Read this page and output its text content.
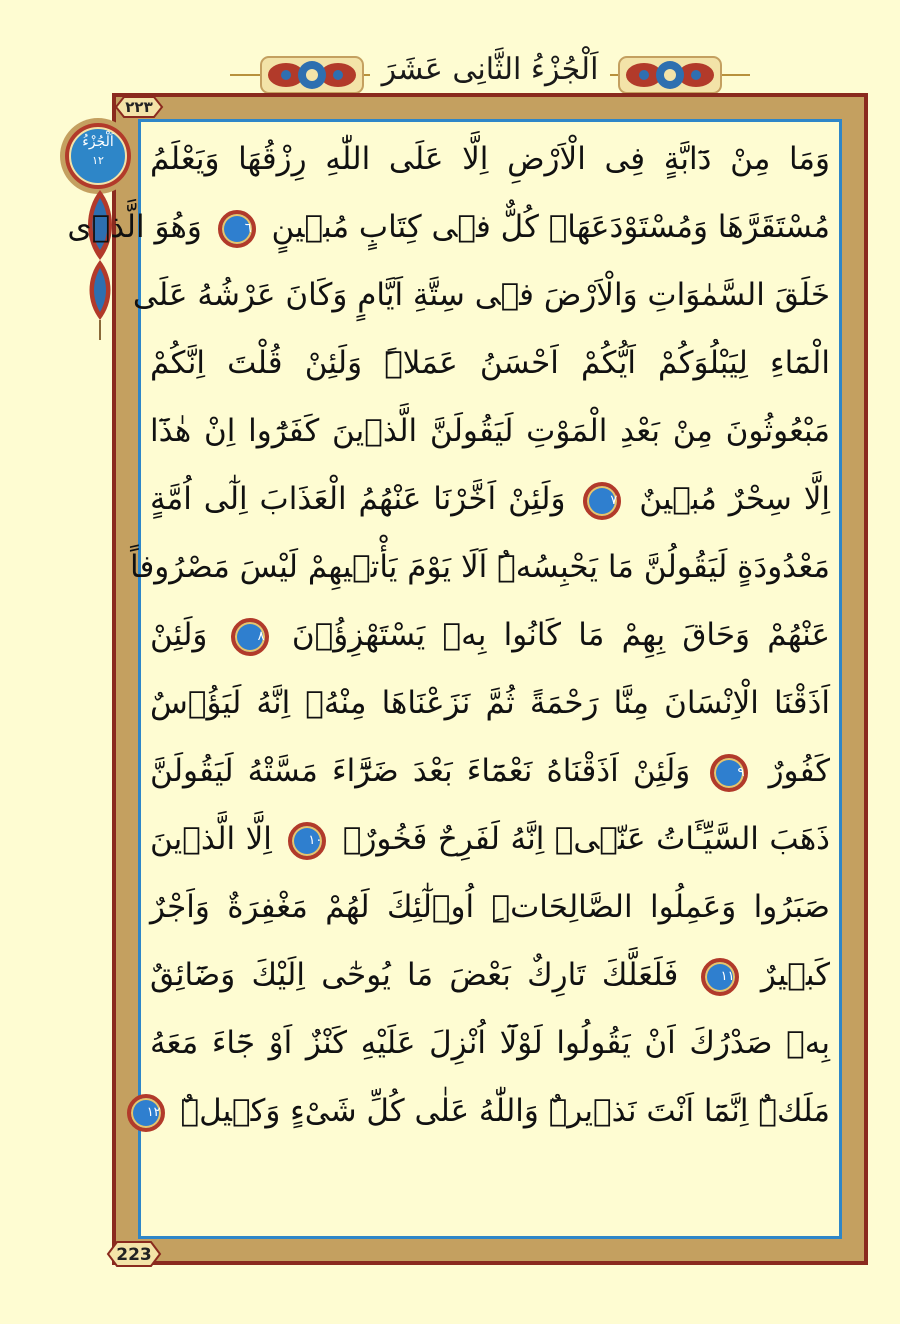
اَلْجُزْءُ الثَّانِى عَشَرَ
٢٢٣
اَلْجُزْءُ
١٢	وَمَا مِنْ دَٓابَّةٍ فِى الْاَرْضِ اِلَّا عَلَى اللّٰهِ رِزْقُهَا وَيَعْلَمُ
مُسْتَقَرَّهَا وَمُسْتَوْدَعَهَاۜ كُلٌّ فٖى كِتَابٍ مُبٖينٍ ٦ وَهُوَ الَّذٖى
خَلَقَ السَّمٰوَاتِ وَالْاَرْضَ فٖى سِتَّةِ اَيَّامٍ وَكَانَ عَرْشُهُ عَلَى
الْمَٓاءِ لِيَبْلُوَكُمْ اَيُّكُمْ اَحْسَنُ عَمَلاًۜ وَلَئِنْ قُلْتَ اِنَّكُمْ
مَبْعُوثُونَ مِنْ بَعْدِ الْمَوْتِ لَيَقُولَنَّ الَّذٖينَ كَفَرُٓوا اِنْ هٰذَٓا
اِلَّا سِحْرٌ مُبٖينٌ ٧ وَلَئِنْ اَخَّرْنَا عَنْهُمُ الْعَذَابَ اِلٰٓى اُمَّةٍ
مَعْدُودَةٍ لَيَقُولُنَّ مَا يَحْبِسُهُۜ اَلَا يَوْمَ يَأْتٖيهِمْ لَيْسَ مَصْرُوفاً
عَنْهُمْ وَحَاقَ بِهِمْ مَا كَانُوا بِهٖ يَسْتَهْزِؤُ۫نَ ٨ وَلَئِنْ
اَذَقْنَا الْاِنْسَانَ مِنَّا رَحْمَةً ثُمَّ نَزَعْنَاهَا مِنْهُۚ اِنَّهُ لَيَؤُ۫سٌ
كَفُورٌ ٩ وَلَئِنْ اَذَقْنَاهُ نَعْمَٓاءَ بَعْدَ ضَرَّٓاءَ مَسَّتْهُ لَيَقُولَنَّ
ذَهَبَ السَّيِّـَٔاتُ عَنّٖىۜ اِنَّهُ لَفَرِحٌ فَخُورٌۙ ١٠ اِلَّا الَّذٖينَ
صَبَرُوا وَعَمِلُوا الصَّالِحَاتِۜ اُو۬لٰٓئِكَ لَهُمْ مَغْفِرَةٌ وَاَجْرٌ
كَبٖيرٌ ١١ فَلَعَلَّكَ تَارِكٌ بَعْضَ مَا يُوحٰٓى اِلَيْكَ وَضَٓائِقٌ
بِهٖ صَدْرُكَ اَنْ يَقُولُوا لَوْلَٓا اُنْزِلَ عَلَيْهِ كَنْزٌ اَوْ جَٓاءَ مَعَهُ
مَلَكٌۜ اِنَّمَٓا اَنْتَ نَذٖيرٌۜ وَاللّٰهُ عَلٰى كُلِّ شَیْءٍ وَكٖيلٌۜ ١٢
223
